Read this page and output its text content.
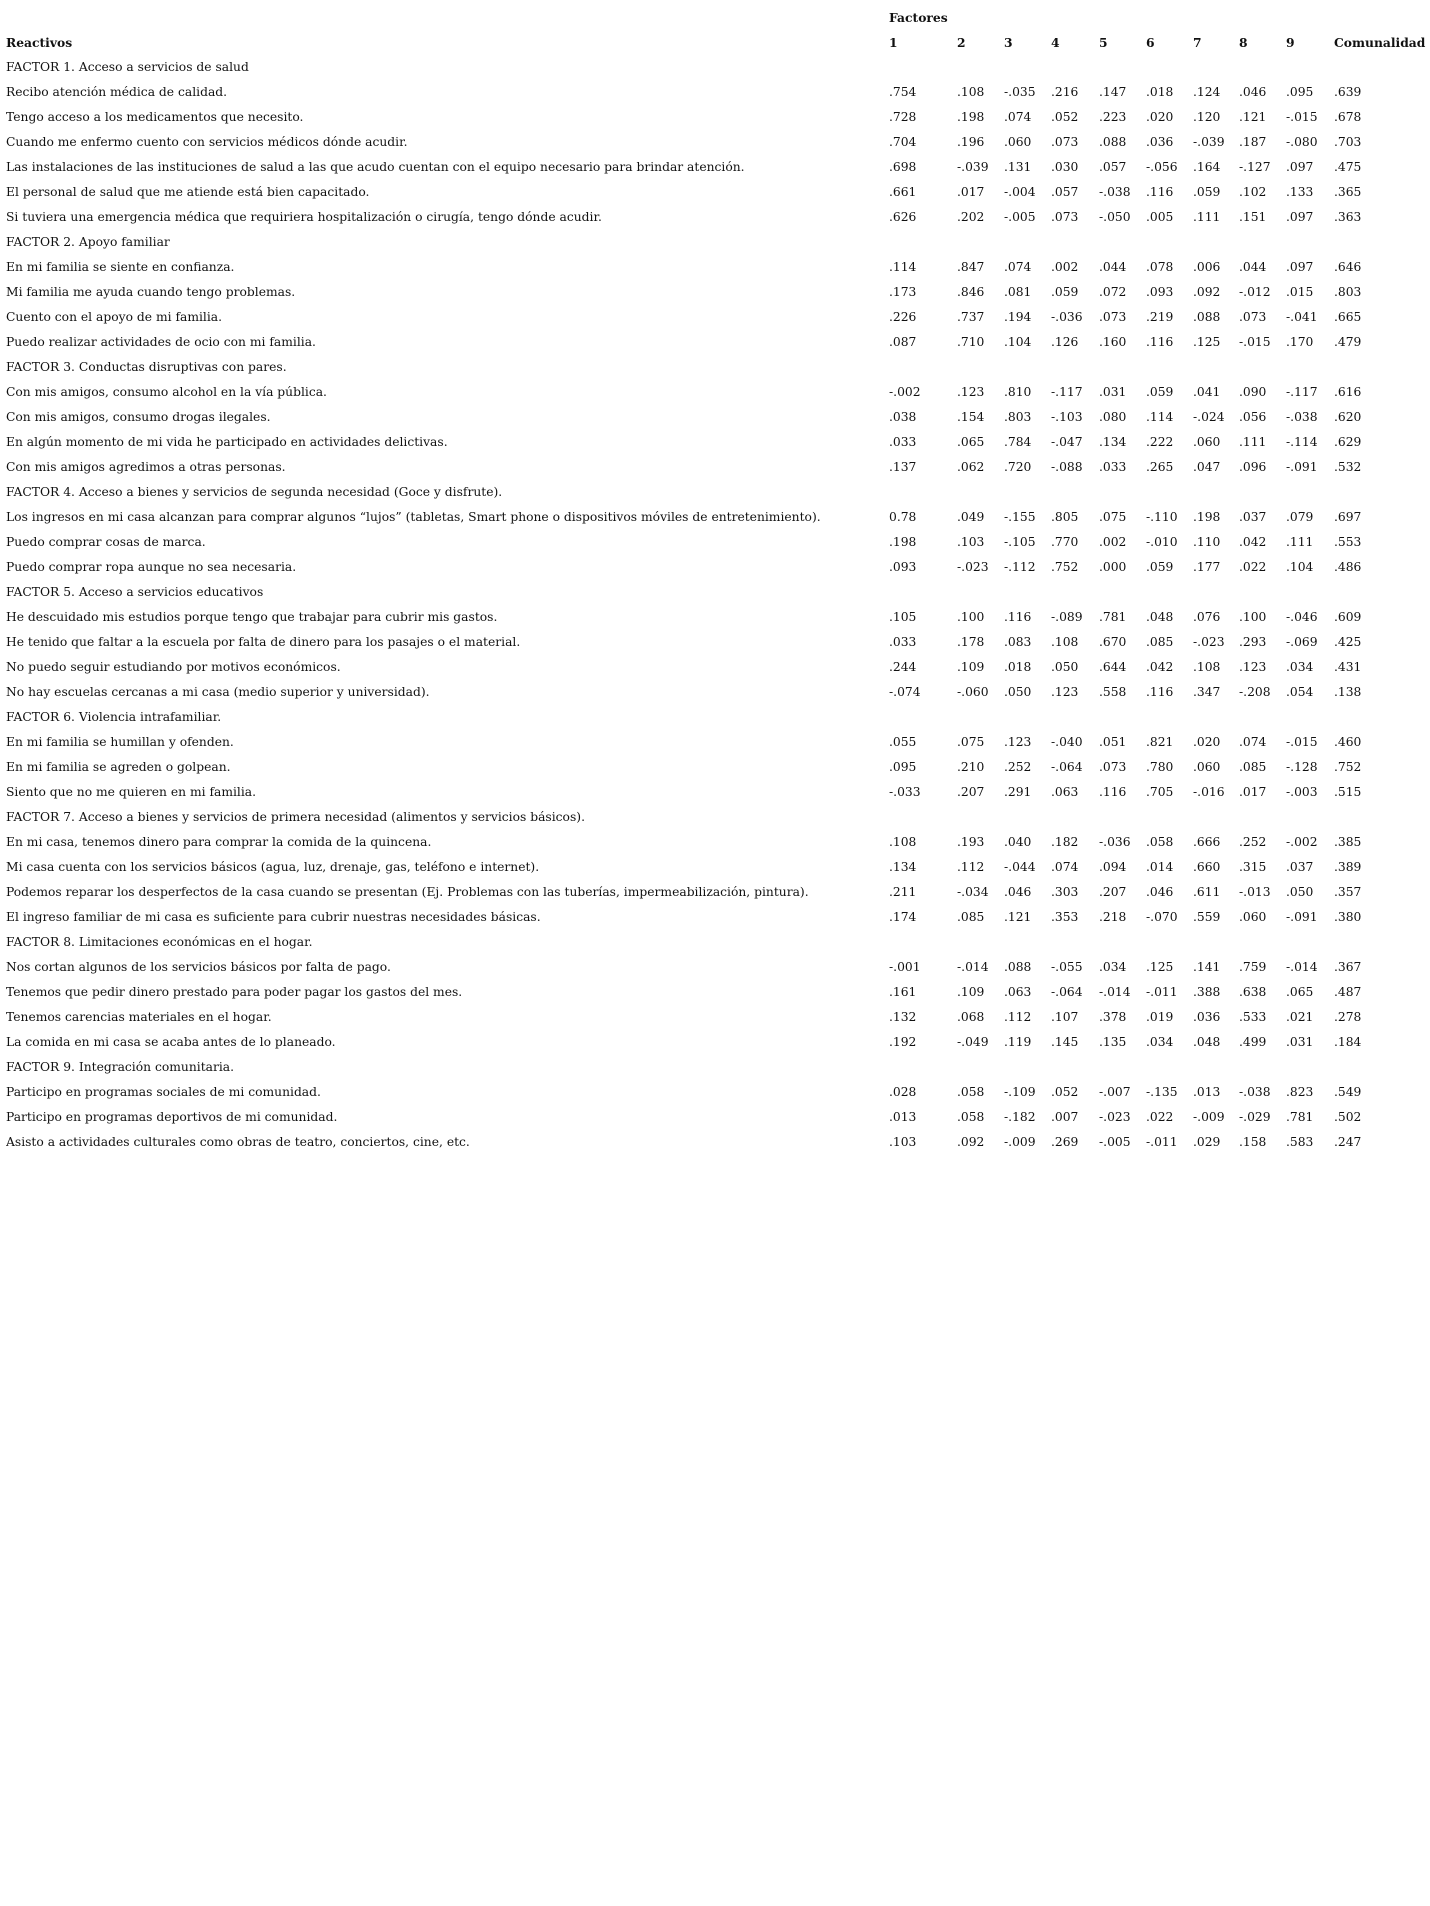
	Factores									
Reactivos	1	2	3	4	5	6	7	8	9	Comunalidad
FACTOR 1. Acceso a servicios de salud										
Recibo atención médica de calidad.	.754	.108	-.035	.216	.147	.018	.124	.046	.095	.639
Tengo acceso a los medicamentos que necesito.	.728	.198	.074	.052	.223	.020	.120	.121	-.015	.678
Cuando me enfermo cuento con servicios médicos dónde acudir.	.704	.196	.060	.073	.088	.036	-.039	.187	-.080	.703
Las instalaciones de las instituciones de salud a las que acudo cuentan con el equipo necesario para brindar atención.	.698	-.039	.131	.030	.057	-.056	.164	-.127	.097	.475
El personal de salud que me atiende está bien capacitado.	.661	.017	-.004	.057	-.038	.116	.059	.102	.133	.365
Si tuviera una emergencia médica que requiriera hospitalización o cirugía, tengo dónde acudir.	.626	.202	-.005	.073	-.050	.005	.111	.151	.097	.363
FACTOR 2. Apoyo familiar										
En mi familia se siente en confianza.	.114	.847	.074	.002	.044	.078	.006	.044	.097	.646
Mi familia me ayuda cuando tengo problemas.	.173	.846	.081	.059	.072	.093	.092	-.012	.015	.803
Cuento con el apoyo de mi familia.	.226	.737	.194	-.036	.073	.219	.088	.073	-.041	.665
Puedo realizar actividades de ocio con mi familia.	.087	.710	.104	.126	.160	.116	.125	-.015	.170	.479
FACTOR 3. Conductas disruptivas con pares.										
Con mis amigos, consumo alcohol en la vía pública.	-.002	.123	.810	-.117	.031	.059	.041	.090	-.117	.616
Con mis amigos, consumo drogas ilegales.	.038	.154	.803	-.103	.080	.114	-.024	.056	-.038	.620
En algún momento de mi vida he participado en actividades delictivas.	.033	.065	.784	-.047	.134	.222	.060	.111	-.114	.629
Con mis amigos agredimos a otras personas.	.137	.062	.720	-.088	.033	.265	.047	.096	-.091	.532
FACTOR 4. Acceso a bienes y servicios de segunda necesidad (Goce y disfrute).										
Los ingresos en mi casa alcanzan para comprar algunos “lujos” (tabletas, Smart phone o dispositivos móviles de entretenimiento).	0.78	.049	-.155	.805	.075	-.110	.198	.037	.079	.697
Puedo comprar cosas de marca.	.198	.103	-.105	.770	.002	-.010	.110	.042	.111	.553
Puedo comprar ropa aunque no sea necesaria.	.093	-.023	-.112	.752	.000	.059	.177	.022	.104	.486
FACTOR 5. Acceso a servicios educativos										
He descuidado mis estudios porque tengo que trabajar para cubrir mis gastos.	.105	.100	.116	-.089	.781	.048	.076	.100	-.046	.609
He tenido que faltar a la escuela por falta de dinero para los pasajes o el material.	.033	.178	.083	.108	.670	.085	-.023	.293	-.069	.425
No puedo seguir estudiando por motivos económicos.	.244	.109	.018	.050	.644	.042	.108	.123	.034	.431
No hay escuelas cercanas a mi casa (medio superior y universidad).	-.074	-.060	.050	.123	.558	.116	.347	-.208	.054	.138
FACTOR 6. Violencia intrafamiliar.										
En mi familia se humillan y ofenden.	.055	.075	.123	-.040	.051	.821	.020	.074	-.015	.460
En mi familia se agreden o golpean.	.095	.210	.252	-.064	.073	.780	.060	.085	-.128	.752
Siento que no me quieren en mi familia.	-.033	.207	.291	.063	.116	.705	-.016	.017	-.003	.515
FACTOR 7. Acceso a bienes y servicios de primera necesidad (alimentos y servicios básicos).										
En mi casa, tenemos dinero para comprar la comida de la quincena.	.108	.193	.040	.182	-.036	.058	.666	.252	-.002	.385
Mi casa cuenta con los servicios básicos (agua, luz, drenaje, gas, teléfono e internet).	.134	.112	-.044	.074	.094	.014	.660	.315	.037	.389
Podemos reparar los desperfectos de la casa cuando se presentan (Ej. Problemas con las tuberías, impermeabilización, pintura).	.211	-.034	.046	.303	.207	.046	.611	-.013	.050	.357
El ingreso familiar de mi casa es suficiente para cubrir nuestras necesidades básicas.	.174	.085	.121	.353	.218	-.070	.559	.060	-.091	.380
FACTOR 8. Limitaciones económicas en el hogar.										
Nos cortan algunos de los servicios básicos por falta de pago.	-.001	-.014	.088	-.055	.034	.125	.141	.759	-.014	.367
Tenemos que pedir dinero prestado para poder pagar los gastos del mes.	.161	.109	.063	-.064	-.014	-.011	.388	.638	.065	.487
Tenemos carencias materiales en el hogar.	.132	.068	.112	.107	.378	.019	.036	.533	.021	.278
La comida en mi casa se acaba antes de lo planeado.	.192	-.049	.119	.145	.135	.034	.048	.499	.031	.184
FACTOR 9. Integración comunitaria.										
Participo en programas sociales de mi comunidad.	.028	.058	-.109	.052	-.007	-.135	.013	-.038	.823	.549
Participo en programas deportivos de mi comunidad.	.013	.058	-.182	.007	-.023	.022	-.009	-.029	.781	.502
Asisto a actividades culturales como obras de teatro, conciertos, cine, etc.	.103	.092	-.009	.269	-.005	-.011	.029	.158	.583	.247
